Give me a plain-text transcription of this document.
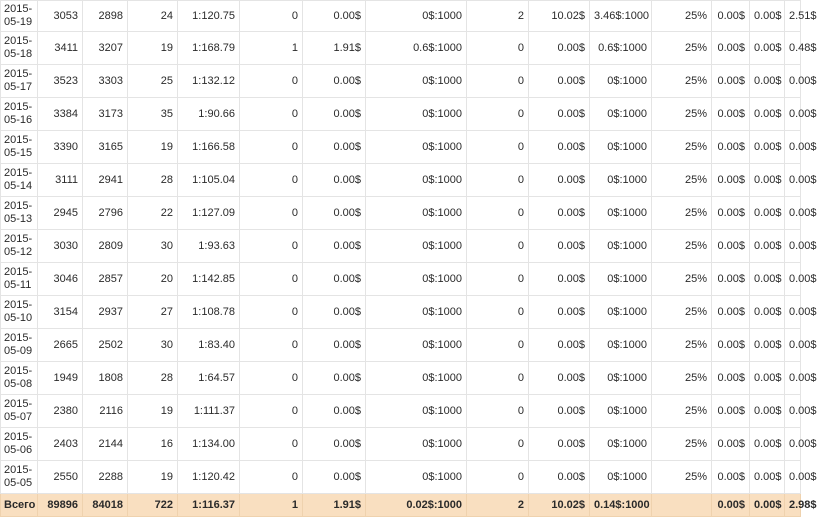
2015-05-19	3053	2898	24	1:120.75	0	0.00$	0$:1000	2	10.02$	3.46$:1000	25%	0.00$	0.00$	2.51$
2015-05-18	3411	3207	19	1:168.79	1	1.91$	0.6$:1000	0	0.00$	0.6$:1000	25%	0.00$	0.00$	0.48$
2015-05-17	3523	3303	25	1:132.12	0	0.00$	0$:1000	0	0.00$	0$:1000	25%	0.00$	0.00$	0.00$
2015-05-16	3384	3173	35	1:90.66	0	0.00$	0$:1000	0	0.00$	0$:1000	25%	0.00$	0.00$	0.00$
2015-05-15	3390	3165	19	1:166.58	0	0.00$	0$:1000	0	0.00$	0$:1000	25%	0.00$	0.00$	0.00$
2015-05-14	3111	2941	28	1:105.04	0	0.00$	0$:1000	0	0.00$	0$:1000	25%	0.00$	0.00$	0.00$
2015-05-13	2945	2796	22	1:127.09	0	0.00$	0$:1000	0	0.00$	0$:1000	25%	0.00$	0.00$	0.00$
2015-05-12	3030	2809	30	1:93.63	0	0.00$	0$:1000	0	0.00$	0$:1000	25%	0.00$	0.00$	0.00$
2015-05-11	3046	2857	20	1:142.85	0	0.00$	0$:1000	0	0.00$	0$:1000	25%	0.00$	0.00$	0.00$
2015-05-10	3154	2937	27	1:108.78	0	0.00$	0$:1000	0	0.00$	0$:1000	25%	0.00$	0.00$	0.00$
2015-05-09	2665	2502	30	1:83.40	0	0.00$	0$:1000	0	0.00$	0$:1000	25%	0.00$	0.00$	0.00$
2015-05-08	1949	1808	28	1:64.57	0	0.00$	0$:1000	0	0.00$	0$:1000	25%	0.00$	0.00$	0.00$
2015-05-07	2380	2116	19	1:111.37	0	0.00$	0$:1000	0	0.00$	0$:1000	25%	0.00$	0.00$	0.00$
2015-05-06	2403	2144	16	1:134.00	0	0.00$	0$:1000	0	0.00$	0$:1000	25%	0.00$	0.00$	0.00$
2015-05-05	2550	2288	19	1:120.42	0	0.00$	0$:1000	0	0.00$	0$:1000	25%	0.00$	0.00$	0.00$
Всего	89896	84018	722	1:116.37	1	1.91$	0.02$:1000	2	10.02$	0.14$:1000		0.00$	0.00$	2.98$
